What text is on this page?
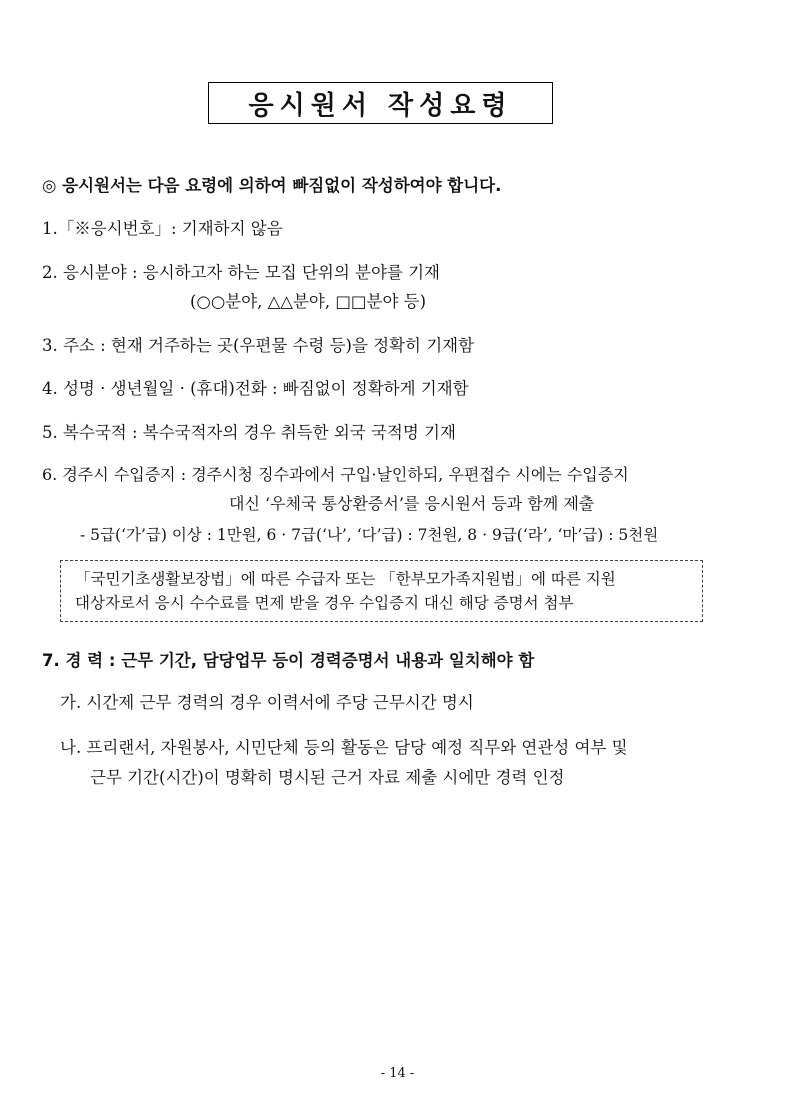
응시원서 작성요령
◎ 응시원서는 다음 요령에 의하여 빠짐없이 작성하여야 합니다.
1.「※응시번호」: 기재하지 않음
2. 응시분야 : 응시하고자 하는 모집 단위의 분야를 기재
(○○분야, △△분야, □□분야 등)
3. 주소 : 현재 거주하는 곳(우편물 수령 등)을 정확히 기재함
4. 성명 · 생년월일 · (휴대)전화 : 빠짐없이 정확하게 기재함
5. 복수국적 : 복수국적자의 경우 취득한 외국 국적명 기재
6. 경주시 수입증지 : 경주시청 징수과에서 구입·날인하되, 우편접수 시에는 수입증지
대신 ‘우체국 통상환증서’를 응시원서 등과 함께 제출
- 5급(‘가’급) 이상 : 1만원, 6 · 7급(‘나’, ‘다’급) : 7천원, 8 · 9급(‘라’, ‘마’급) : 5천원
「국민기초생활보장법」에 따른 수급자 또는 「한부모가족지원법」에 따른 지원
대상자로서 응시 수수료를 면제 받을 경우 수입증지 대신 해당 증명서 첨부
7. 경 력 : 근무 기간, 담당업무 등이 경력증명서 내용과 일치해야 함
가. 시간제 근무 경력의 경우 이력서에 주당 근무시간 명시
나. 프리랜서, 자원봉사, 시민단체 등의 활동은 담당 예정 직무와 연관성 여부 및
근무 기간(시간)이 명확히 명시된 근거 자료 제출 시에만 경력 인정
- 14 -
